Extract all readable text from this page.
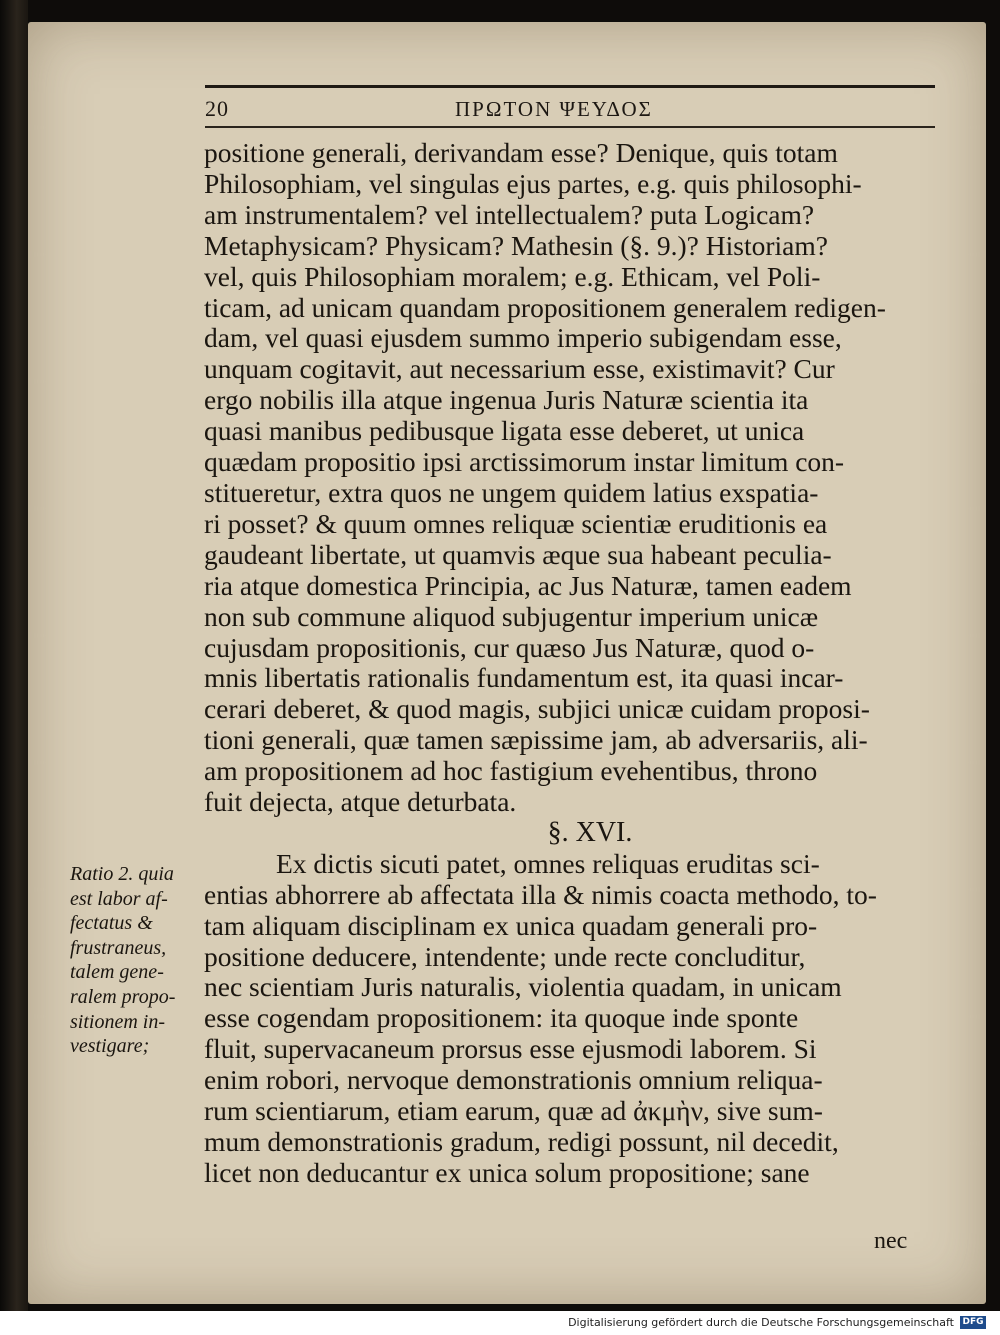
20	ΠΡΩΤΟΝ ΨΕΥΔΟΣ
positione generali, derivandam esse? Denique, quis totam
Philosophiam, vel singulas ejus partes, e.g. quis philosophi-
am instrumentalem? vel intellectualem? puta Logicam?
Metaphysicam? Physicam? Mathesin (§. 9.)? Historiam?
vel, quis Philosophiam moralem; e.g. Ethicam, vel Poli-
ticam, ad unicam quandam propositionem generalem redigen-
dam, vel quasi ejusdem summo imperio subigendam esse,
unquam cogitavit, aut necessarium esse, existimavit? Cur
ergo nobilis illa atque ingenua Juris Naturæ scientia ita
quasi manibus pedibusque ligata esse deberet, ut unica
quædam propositio ipsi arctissimorum instar limitum con-
stitueretur, extra quos ne ungem quidem latius exspatia-
ri posset? & quum omnes reliquæ scientiæ eruditionis ea
gaudeant libertate, ut quamvis æque sua habeant peculia-
ria atque domestica Principia, ac Jus Naturæ, tamen eadem
non sub commune aliquod subjugentur imperium unicæ
cujusdam propositionis, cur quæso Jus Naturæ, quod o-
mnis libertatis rationalis fundamentum est, ita quasi incar-
cerari deberet, & quod magis, subjici unicæ cuidam proposi-
tioni generali, quæ tamen sæpissime jam, ab adversariis, ali-
am propositionem ad hoc fastigium evehentibus, throno
fuit dejecta, atque deturbata.
§. XVI.
Ex dictis sicuti patet, omnes reliquas eruditas sci-
entias abhorrere ab affectata illa & nimis coacta methodo, to-
tam aliquam disciplinam ex unica quadam generali pro-
positione deducere, intendente; unde recte concluditur,
nec scientiam Juris naturalis, violentia quadam, in unicam
esse cogendam propositionem: ita quoque inde sponte
fluit, supervacaneum prorsus esse ejusmodi laborem. Si
enim robori, nervoque demonstrationis omnium reliqua-
rum scientiarum, etiam earum, quæ ad ἀκμὴν, sive sum-
mum demonstrationis gradum, redigi possunt, nil decedit,
licet non deducantur ex unica solum propositione; sane
Ratio 2. quia
est labor af-
fectatus &
frustraneus,
talem gene-
ralem propo-
sitionem in-
vestigare;
nec
Digitalisierung gefördert durch die Deutsche Forschungsgemeinschaft DFG
